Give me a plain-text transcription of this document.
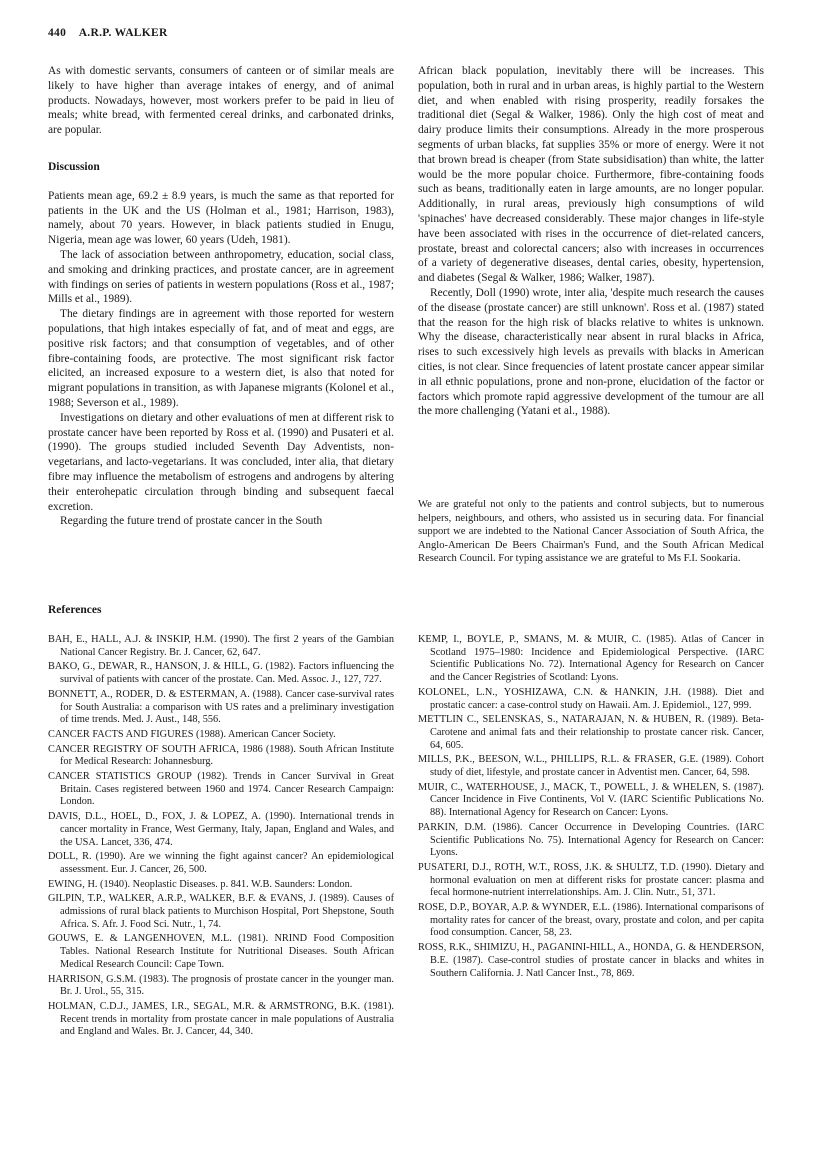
440 A.R.P. WALKER

As with domestic servants, consumers of canteen or of similar meals are likely to have higher than average intakes of energy, and of animal products. Nowadays, however, most workers prefer to be paid in lieu of meals; white bread, with fermented cereal drinks, and carbonated drinks, are popular.

Discussion

Patients mean age, 69.2 ± 8.9 years, is much the same as that reported for patients in the UK and the US (Holman et al., 1981; Harrison, 1983), namely, about 70 years. However, in black patients studied in Enugu, Nigeria, mean age was lower, 60 years (Udeh, 1981).

The lack of association between anthropometry, education, social class, and smoking and drinking practices, and prostate cancer, are in agreement with findings on series of patients in western populations (Ross et al., 1987; Mills et al., 1989).

The dietary findings are in agreement with those reported for western populations, that high intakes especially of fat, and of meat and eggs, are positive risk factors; and that consumption of vegetables, and of other fibre-containing foods, are protective. The most significant risk factor elicited, an increased exposure to a western diet, is also that noted for migrant populations in transition, as with Japanese migrants (Kolonel et al., 1988; Severson et al., 1989).

Investigations on dietary and other evaluations of men at different risk to prostate cancer have been reported by Ross et al. (1990) and Pusateri et al. (1990). The groups studied included Seventh Day Adventists, non-vegetarians, and lacto-vegetarians. It was concluded, inter alia, that dietary fibre may influence the metabolism of estrogens and androgens by altering their enterohepatic circulation through binding and subsequent faecal excretion.

Regarding the future trend of prostate cancer in the South

African black population, inevitably there will be increases. This population, both in rural and in urban areas, is highly partial to the Western diet, and when enabled with rising prosperity, readily forsakes the traditional diet (Segal & Walker, 1986). Only the high cost of meat and dairy produce limits their consumptions. Already in the more prosperous segments of urban blacks, fat supplies 35% or more of energy. Were it not that brown bread is cheaper (from State subsidisation) than white, the latter would be the more popular choice. Furthermore, fibre-containing foods such as beans, traditionally eaten in large amounts, are no longer popular. Additionally, in rural areas, previously high consumptions of wild 'spinaches' have decreased considerably. These major changes in life-style have been associated with rises in the occurrence of diet-related cancers, prostate, breast and colorectal cancers; also with increases in occurrences of a variety of degenerative diseases, dental caries, obesity, hypertension, and diabetes (Segal & Walker, 1986; Walker, 1987).

Recently, Doll (1990) wrote, inter alia, 'despite much research the causes of the disease (prostate cancer) are still unknown'. Ross et al. (1987) stated that the reason for the high risk of blacks relative to whites is unknown. Why the disease, characteristically near absent in rural blacks in Africa, rises to such excessively high levels as prevails with blacks in American cities, is not clear. Since frequencies of latent prostate cancer appear similar in all ethnic populations, prone and non-prone, elucidation of the factor or factors which promote rapid aggressive development of the tumour are all the more challenging (Yatani et al., 1988).

We are grateful not only to the patients and control subjects, but to numerous helpers, neighbours, and others, who assisted us in securing data. For financial support we are indebted to the National Cancer Association of South Africa, the Anglo-American De Beers Chairman's Fund, and the South African Medical Research Council. For typing assistance we are grateful to Ms F.I. Sookaria.
References
BAH, E., HALL, A.J. & INSKIP, H.M. (1990). The first 2 years of the Gambian National Cancer Registry. Br. J. Cancer, 62, 647.
BAKO, G., DEWAR, R., HANSON, J. & HILL, G. (1982). Factors influencing the survival of patients with cancer of the prostate. Can. Med. Assoc. J., 127, 727.
BONNETT, A., RODER, D. & ESTERMAN, A. (1988). Cancer case-survival rates for South Australia: a comparison with US rates and a preliminary investigation of time trends. Med. J. Aust., 148, 556.
CANCER FACTS AND FIGURES (1988). American Cancer Society.
CANCER REGISTRY OF SOUTH AFRICA, 1986 (1988). South African Institute for Medical Research: Johannesburg.
CANCER STATISTICS GROUP (1982). Trends in Cancer Survival in Great Britain. Cases registered between 1960 and 1974. Cancer Research Campaign: London.
DAVIS, D.L., HOEL, D., FOX, J. & LOPEZ, A. (1990). International trends in cancer mortality in France, West Germany, Italy, Japan, England and Wales, and the USA. Lancet, 336, 474.
DOLL, R. (1990). Are we winning the fight against cancer? An epidemiological assessment. Eur. J. Cancer, 26, 500.
EWING, H. (1940). Neoplastic Diseases. p. 841. W.B. Saunders: London.
GILPIN, T.P., WALKER, A.R.P., WALKER, B.F. & EVANS, J. (1989). Causes of admissions of rural black patients to Murchison Hospital, Port Shepstone, South Africa. S. Afr. J. Food Sci. Nutr., 1, 74.
GOUWS, E. & LANGENHOVEN, M.L. (1981). NRIND Food Composition Tables. National Research Institute for Nutritional Diseases. South African Medical Research Council: Cape Town.
HARRISON, G.S.M. (1983). The prognosis of prostate cancer in the younger man. Br. J. Urol., 55, 315.
HOLMAN, C.D.J., JAMES, I.R., SEGAL, M.R. & ARMSTRONG, B.K. (1981). Recent trends in mortality from prostate cancer in male populations of Australia and England and Wales. Br. J. Cancer, 44, 340.
KEMP, I., BOYLE, P., SMANS, M. & MUIR, C. (1985). Atlas of Cancer in Scotland 1975–1980: Incidence and Epidemiological Perspective. (IARC Scientific Publications No. 72). International Agency for Research on Cancer and the Cancer Registries of Scotland: Lyons.
KOLONEL, L.N., YOSHIZAWA, C.N. & HANKIN, J.H. (1988). Diet and prostatic cancer: a case-control study on Hawaii. Am. J. Epidemiol., 127, 999.
METTLIN C., SELENSKAS, S., NATARAJAN, N. & HUBEN, R. (1989). Beta-Carotene and animal fats and their relationship to prostate cancer risk. Cancer, 64, 605.
MILLS, P.K., BEESON, W.L., PHILLIPS, R.L. & FRASER, G.E. (1989). Cohort study of diet, lifestyle, and prostate cancer in Adventist men. Cancer, 64, 598.
MUIR, C., WATERHOUSE, J., MACK, T., POWELL, J. & WHELEN, S. (1987). Cancer Incidence in Five Continents, Vol V. (IARC Scientific Publications No. 88). International Agency for Research on Cancer: Lyons.
PARKIN, D.M. (1986). Cancer Occurrence in Developing Countries. (IARC Scientific Publications No. 75). International Agency for Research on Cancer: Lyons.
PUSATERI, D.J., ROTH, W.T., ROSS, J.K. & SHULTZ, T.D. (1990). Dietary and hormonal evaluation on men at different risks for prostate cancer: plasma and fecal hormone-nutrient interrelationships. Am. J. Clin. Nutr., 51, 371.
ROSE, D.P., BOYAR, A.P. & WYNDER, E.L. (1986). International comparisons of mortality rates for cancer of the breast, ovary, prostate and colon, and per capita food consumption. Cancer, 58, 23.
ROSS, R.K., SHIMIZU, H., PAGANINI-HILL, A., HONDA, G. & HENDERSON, B.E. (1987). Case-control studies of prostate cancer in blacks and whites in Southern California. J. Natl Cancer Inst., 78, 869.
